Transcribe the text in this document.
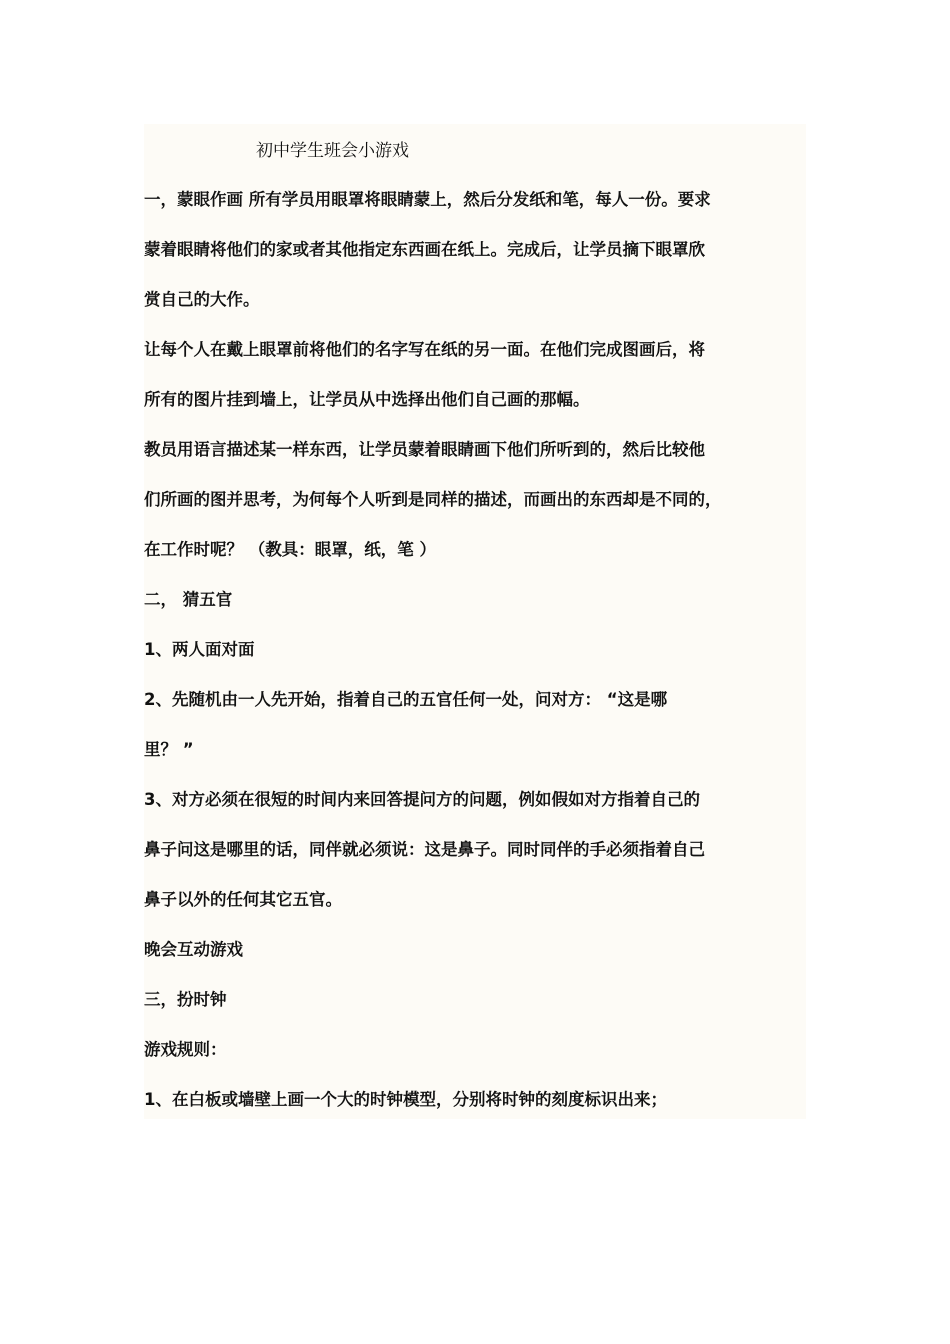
初中学生班会小游戏

一，蒙眼作画 所有学员用眼罩将眼睛蒙上，然后分发纸和笔，每人一份。要求
蒙着眼睛将他们的家或者其他指定东西画在纸上。完成后，让学员摘下眼罩欣
赏自己的大作。

让每个人在戴上眼罩前将他们的名字写在纸的另一面。在他们完成图画后，将
所有的图片挂到墙上，让学员从中选择出他们自己画的那幅。

教员用语言描述某一样东西，让学员蒙着眼睛画下他们所听到的，然后比较他
们所画的图并思考，为何每个人听到是同样的描述，而画出的东西却是不同的，
在工作时呢？ （教具：眼罩，纸，笔 ）

二， 猜五官

1、两人面对面

2、先随机由一人先开始，指着自己的五官任何一处，问对方： “这是哪
里？ ”

3、对方必须在很短的时间内来回答提问方的问题，例如假如对方指着自己的
鼻子问这是哪里的话，同伴就必须说：这是鼻子。同时同伴的手必须指着自己
鼻子以外的任何其它五官。

晚会互动游戏

三，扮时钟

游戏规则：

1、在白板或墙壁上画一个大的时钟模型，分别将时钟的刻度标识出来；
